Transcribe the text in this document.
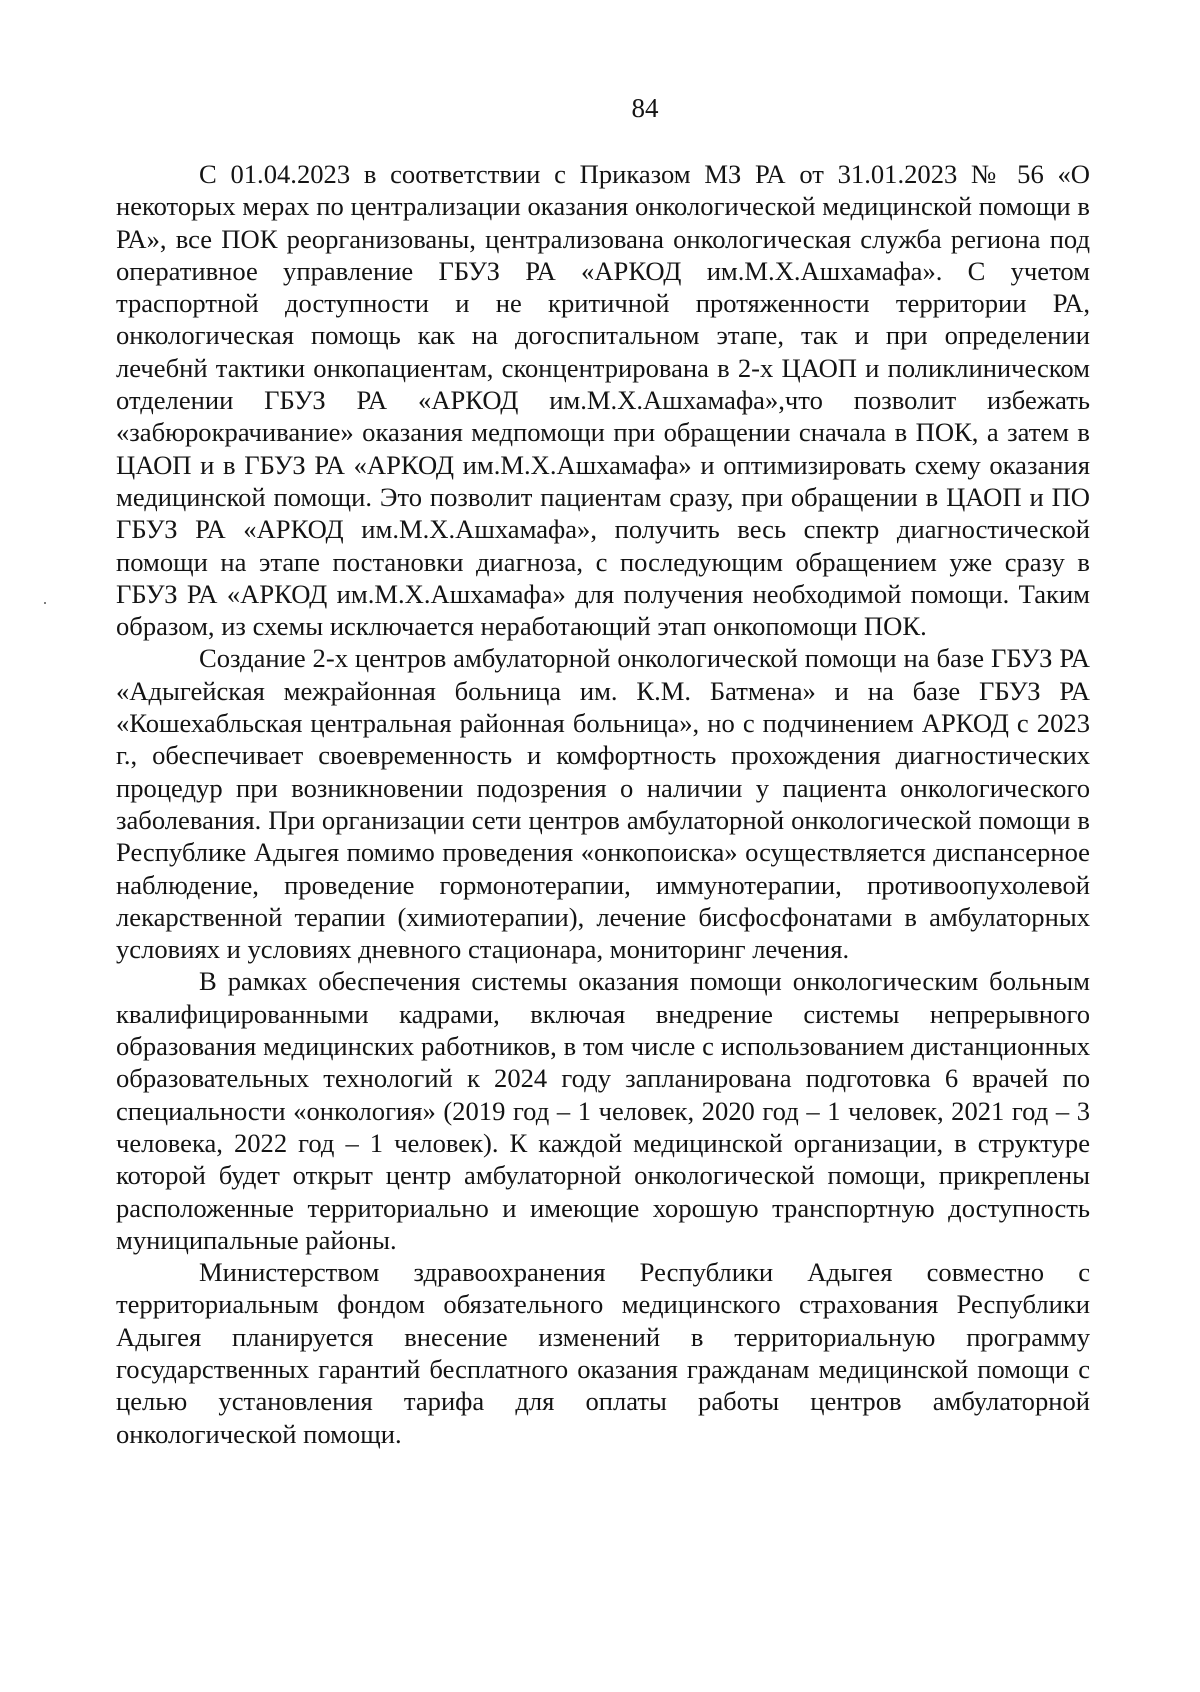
84

С 01.04.2023 в соответствии с Приказом МЗ РА от 31.01.2023 № 56 «О некоторых мерах по централизации оказания онкологической медицинской помощи в РА», все ПОК реорганизованы, централизована онкологическая служба региона под оперативное управление ГБУЗ РА «АРКОД им.М.Х.Ашхамафа». С учетом траспортной доступности и не критичной протяженности территории РА, онкологическая помощь как на догоспитальном этапе, так и при определении лечебнй тактики онкопациентам, сконцентрирована в 2-х ЦАОП и поликлиническом отделении ГБУЗ РА «АРКОД им.М.Х.Ашхамафа»,что позволит избежать «забюрокрачивание» оказания медпомощи при обращении сначала в ПОК, а затем в ЦАОП и в ГБУЗ РА «АРКОД им.М.Х.Ашхамафа» и оптимизировать схему оказания медицинской помощи. Это позволит пациентам сразу, при обращении в ЦАОП и ПО ГБУЗ РА «АРКОД им.М.Х.Ашхамафа», получить весь спектр диагностической помощи на этапе постановки диагноза, с последующим обращением уже сразу в ГБУЗ РА «АРКОД им.М.Х.Ашхамафа» для получения необходимой помощи. Таким образом, из схемы исключается неработающий этап онкопомощи ПОК.

Создание 2-х центров амбулаторной онкологической помощи на базе ГБУЗ РА «Адыгейская межрайонная больница им. К.М. Батмена» и на базе ГБУЗ РА «Кошехабльская центральная районная больница», но с подчинением АРКОД с 2023 г., обеспечивает своевременность и комфортность прохождения диагностических процедур при возникновении подозрения о наличии у пациента онкологического заболевания. При организации сети центров амбулаторной онкологической помощи в Республике Адыгея помимо проведения «онкопоиска» осуществляется диспансерное наблюдение, проведение гормонотерапии, иммунотерапии, противоопухолевой лекарственной терапии (химиотерапии), лечение бисфосфонатами в амбулаторных условиях и условиях дневного стационара, мониторинг лечения.

В рамках обеспечения системы оказания помощи онкологическим больным квалифицированными кадрами, включая внедрение системы непрерывного образования медицинских работников, в том числе с использованием дистанционных образовательных технологий к 2024 году запланирована подготовка 6 врачей по специальности «онкология» (2019 год – 1 человек, 2020 год – 1 человек, 2021 год – 3 человека, 2022 год – 1 человек). К каждой медицинской организации, в структуре которой будет открыт центр амбулаторной онкологической помощи, прикреплены расположенные территориально и имеющие хорошую транспортную доступность муниципальные районы.

Министерством здравоохранения Республики Адыгея совместно с территориальным фондом обязательного медицинского страхования Республики Адыгея планируется внесение изменений в территориальную программу государственных гарантий бесплатного оказания гражданам медицинской помощи с целью установления тарифа для оплаты работы центров амбулаторной онкологической помощи.
